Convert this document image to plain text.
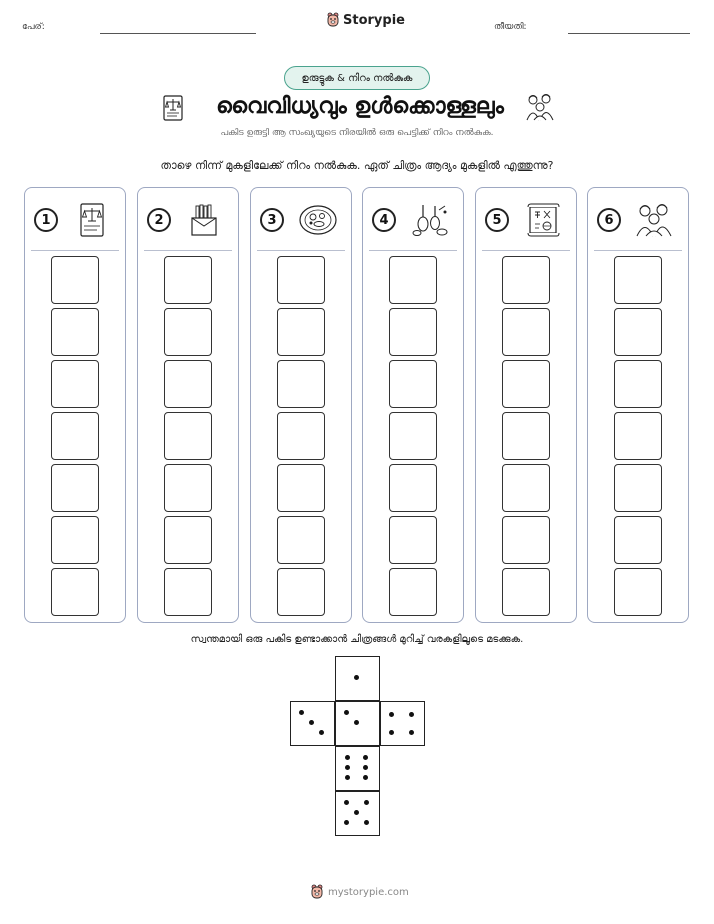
പേര്:	Storypie	തീയതി:
ഉരുട്ടുക & നിറം നൽകുക
വൈവിധ്യവും ഉൾക്കൊള്ളലും
പകിട ഉരുട്ടി ആ സംഖ്യയുടെ നിരയിൽ ഒരു പെട്ടിക്ക് നിറം നൽകുക.
താഴെ നിന്ന് മുകളിലേക്ക് നിറം നൽകുക. ഏത് ചിത്രം ആദ്യം മുകളിൽ എത്തുന്നു?
1	2	3	4	5	6
സ്വന്തമായി ഒരു പകിട ഉണ്ടാക്കാൻ ചിത്രങ്ങൾ മുറിച്ച് വരകളിലൂടെ മടക്കുക.
mystorypie.com
